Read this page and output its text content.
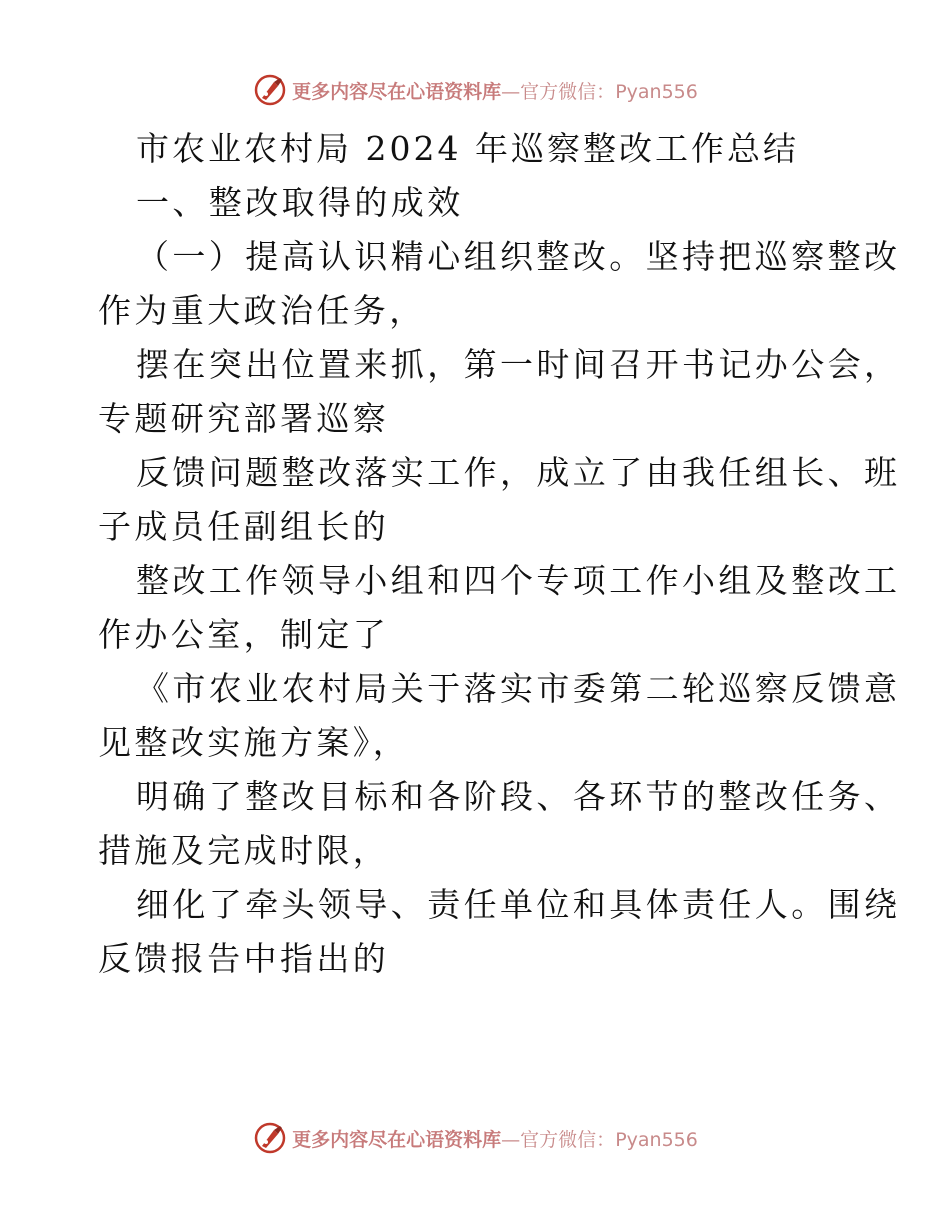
更多内容尽在心语资料库—官方微信：Pyan556
市农业农村局 2024 年巡察整改工作总结
一、整改取得的成效
（一）提高认识精心组织整改。坚持把巡察整改
作为重大政治任务，
摆在突出位置来抓，第一时间召开书记办公会，
专题研究部署巡察
反馈问题整改落实工作，成立了由我任组长、班
子成员任副组长的
整改工作领导小组和四个专项工作小组及整改工
作办公室，制定了
《市农业农村局关于落实市委第二轮巡察反馈意
见整改实施方案》，
明确了整改目标和各阶段、各环节的整改任务、
措施及完成时限，
细化了牵头领导、责任单位和具体责任人。围绕
反馈报告中指出的
更多内容尽在心语资料库—官方微信：Pyan556
